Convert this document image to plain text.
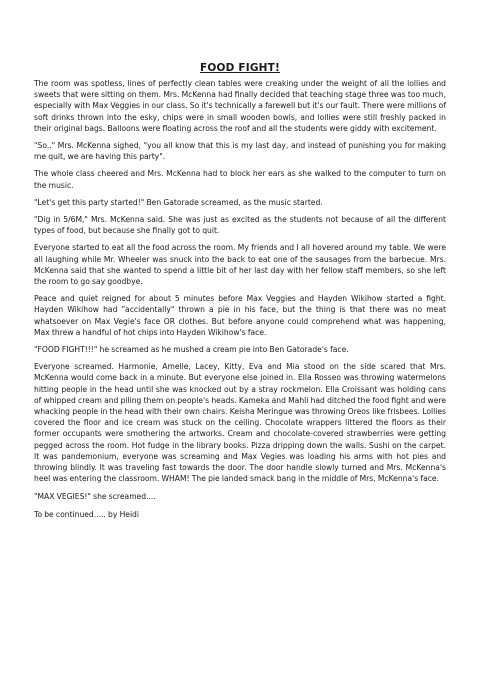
FOOD FIGHT!

The room was spotless, lines of perfectly clean tables were creaking under the weight of all the lollies and sweets that were sitting on them. Mrs. McKenna had finally decided that teaching stage three was too much, especially with Max Veggies in our class. So it's technically a farewell but it's our fault. There were millions of soft drinks thrown into the esky, chips were in small wooden bowls, and lollies were still freshly packed in their original bags. Balloons were floating across the roof and all the students were giddy with excitement.

"So.." Mrs. McKenna sighed, "you all know that this is my last day, and instead of punishing you for making me quit, we are having this party".

The whole class cheered and Mrs. McKenna had to block her ears as she walked to the computer to turn on the music.

"Let's get this party started!" Ben Gatorade screamed, as the music started.

"Dig in 5/6M," Mrs. McKenna said. She was just as excited as the students not because of all the different types of food, but because she finally got to quit.

Everyone started to eat all the food across the room. My friends and I all hovered around my table. We were all laughing while Mr. Wheeler was snuck into the back to eat one of the sausages from the barbecue. Mrs. McKenna said that she wanted to spend a little bit of her last day with her fellow staff members, so she left the room to go say goodbye.

Peace and quiet reigned for about 5 minutes before Max Veggies and Hayden Wikihow started a fight. Hayden Wikihow had "accidentally" thrown a pie in his face, but the thing is that there was no meat whatsoever on Max Vegie's face OR clothes. But before anyone could comprehend what was happening, Max threw a handful of hot chips into Hayden Wikihow's face.

"FOOD FIGHT!!!" he screamed as he mushed a cream pie into Ben Gatorade's face.

Everyone screamed. Harmonie, Amelie, Lacey, Kitty, Eva and Mia stood on the side scared that Mrs. McKenna would come back in a minute. But everyone else joined in. Ella Rosseo was throwing watermelons hitting people in the head until she was knocked out by a stray rockmelon. Ella Croissant was holding cans of whipped cream and piling them on people's heads. Kameka and Mahli had ditched the food fight and were whacking people in the head with their own chairs. Keisha Meringue was throwing Oreos like frisbees. Lollies covered the floor and ice cream was stuck on the ceiling. Chocolate wrappers littered the floors as their former occupants were smothering the artworks. Cream and chocolate-covered strawberries were getting pegged across the room. Hot fudge in the library books. Pizza dripping down the walls. Sushi on the carpet. It was pandemonium, everyone was screaming and Max Vegies was loading his arms with hot pies and throwing blindly. It was traveling fast towards the door. The door handle slowly turned and Mrs. McKenna's heel was entering the classroom. WHAM! The pie landed smack bang in the middle of Mrs. McKenna's face.

"MAX VEGIES!" she screamed....

To be continued..... by Heidi
